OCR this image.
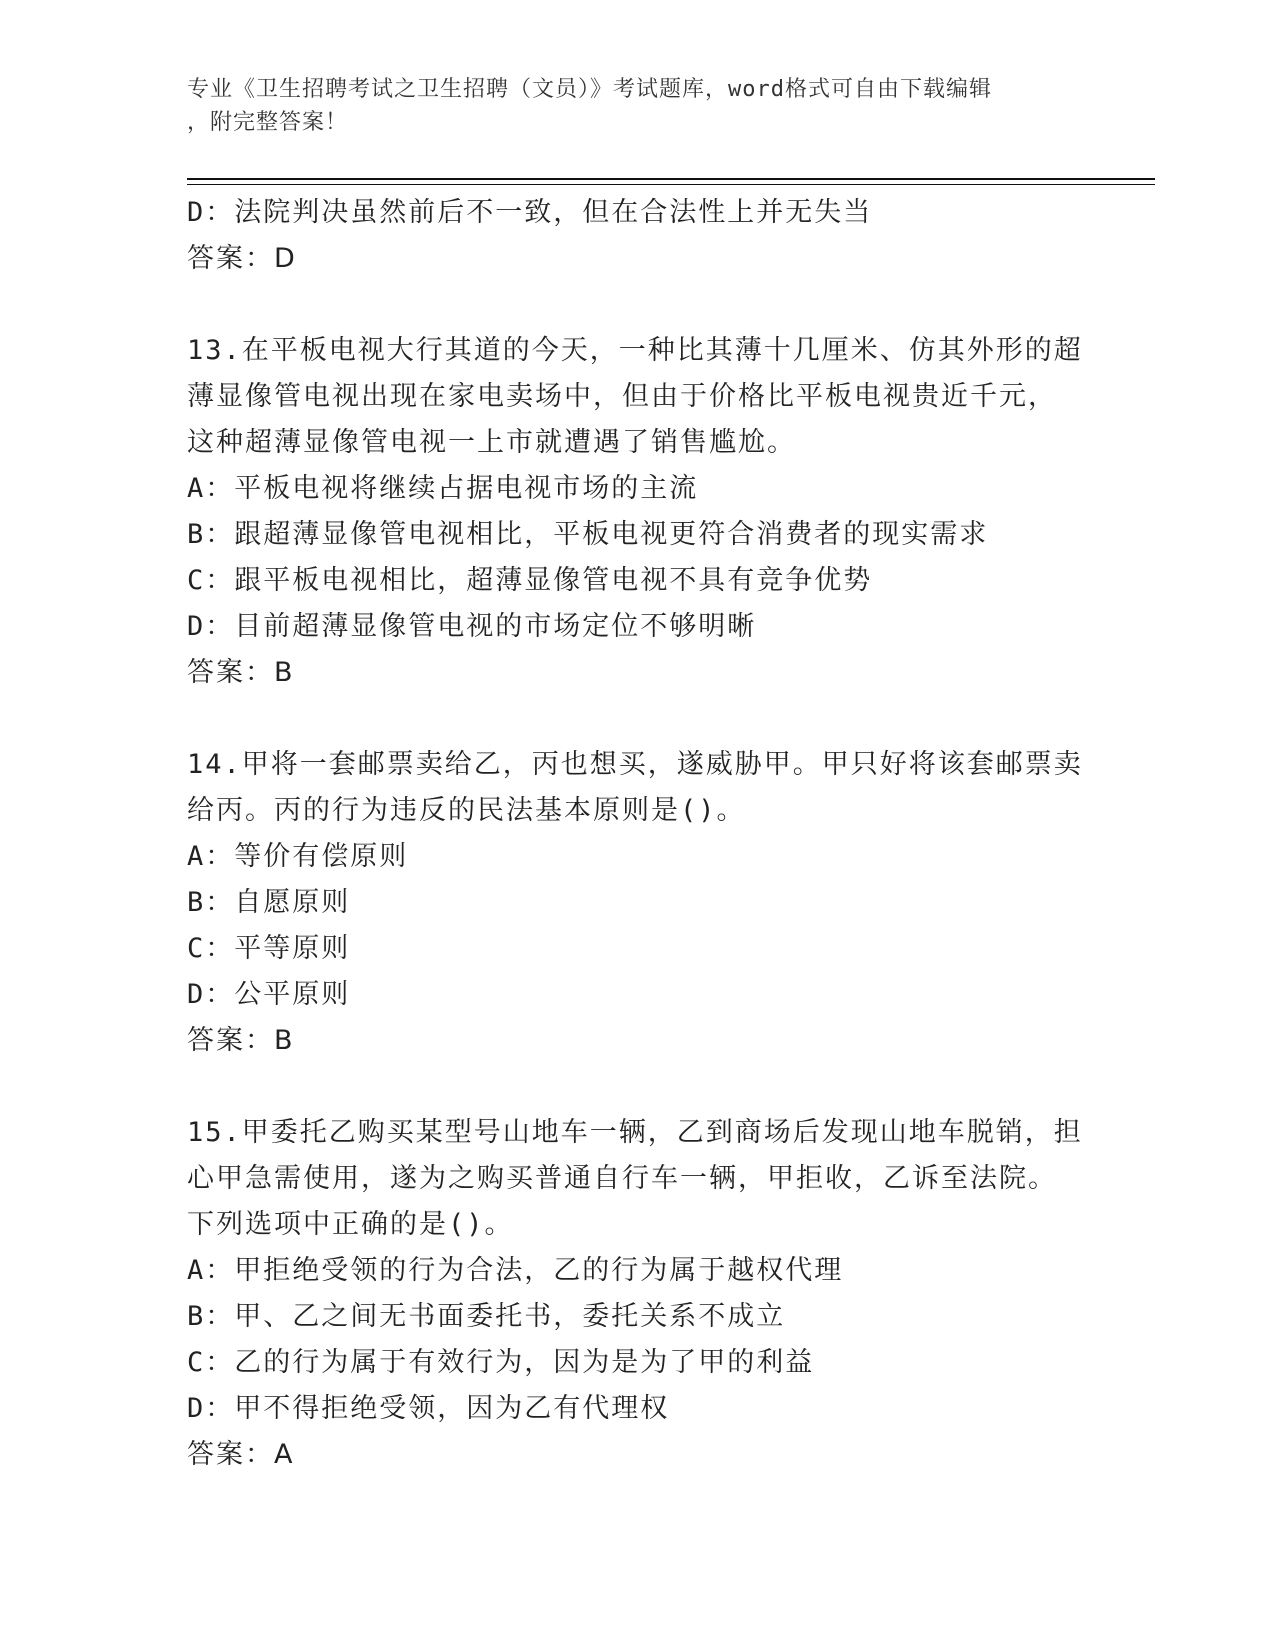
专业《卫生招聘考试之卫生招聘（文员）》考试题库，word格式可自由下载编辑
，附完整答案！
D：法院判决虽然前后不一致，但在合法性上并无失当
答案：D
13.在平板电视大行其道的今天，一种比其薄十几厘米、仿其外形的超
薄显像管电视出现在家电卖场中，但由于价格比平板电视贵近千元，
这种超薄显像管电视一上市就遭遇了销售尴尬。
A：平板电视将继续占据电视市场的主流
B：跟超薄显像管电视相比，平板电视更符合消费者的现实需求
C：跟平板电视相比，超薄显像管电视不具有竞争优势
D：目前超薄显像管电视的市场定位不够明晰
答案：B
14.甲将一套邮票卖给乙，丙也想买，遂威胁甲。甲只好将该套邮票卖
给丙。丙的行为违反的民法基本原则是()。
A：等价有偿原则
B：自愿原则
C：平等原则
D：公平原则
答案：B
15.甲委托乙购买某型号山地车一辆，乙到商场后发现山地车脱销，担
心甲急需使用，遂为之购买普通自行车一辆，甲拒收，乙诉至法院。
下列选项中正确的是()。
A：甲拒绝受领的行为合法，乙的行为属于越权代理
B：甲、乙之间无书面委托书，委托关系不成立
C：乙的行为属于有效行为，因为是为了甲的利益
D：甲不得拒绝受领，因为乙有代理权
答案：A
